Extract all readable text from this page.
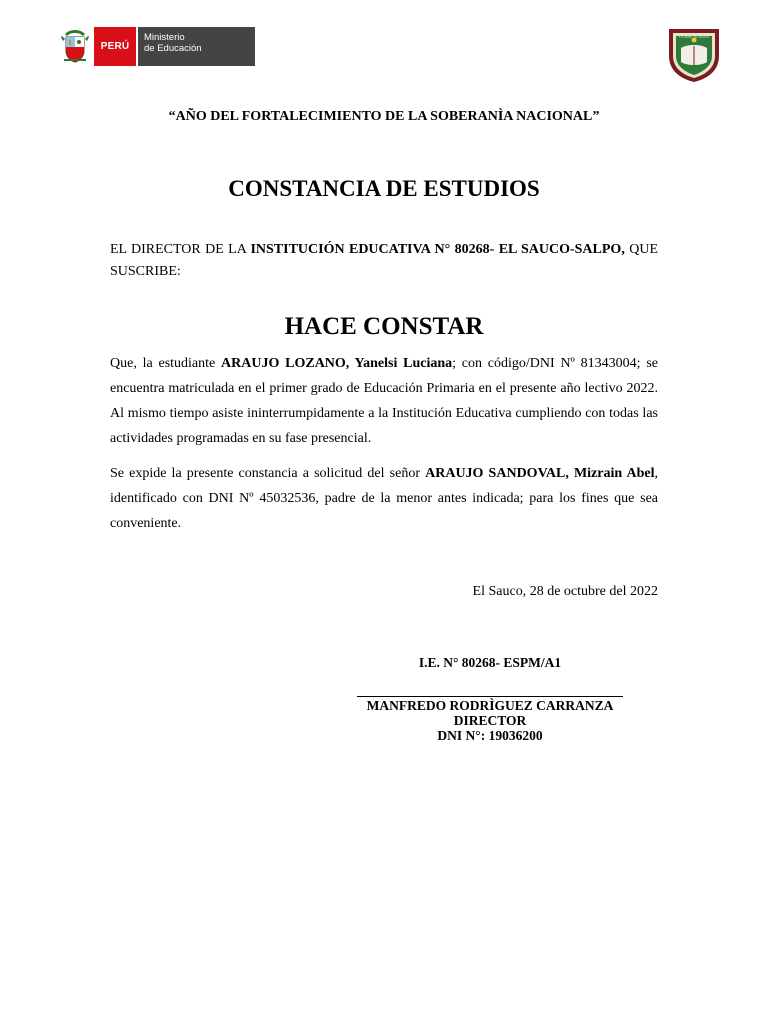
PERÚ
Ministerio
de Educación
I.E. 80268 · EL SAUCO
“AÑO DEL FORTALECIMIENTO DE LA SOBERANÌA NACIONAL”
CONSTANCIA DE ESTUDIOS
EL DIRECTOR DE LA INSTITUCIÓN EDUCATIVA N° 80268- EL SAUCO-SALPO, QUE SUSCRIBE:
HACE CONSTAR
Que, la estudiante ARAUJO LOZANO, Yanelsi Luciana; con código/DNI Nº 81343004; se encuentra matriculada en el primer grado de Educación Primaria en el presente año lectivo 2022. Al mismo tiempo asiste ininterrumpidamente a la Institución Educativa cumpliendo con todas las actividades programadas en su fase presencial.
Se expide la presente constancia a solicitud del señor ARAUJO SANDOVAL, Mizrain Abel, identificado con DNI Nº 45032536, padre de la menor antes indicada; para los fines que sea conveniente.
El Sauco, 28 de octubre del 2022
I.E. N° 80268- ESPM/A1
MANFREDO RODRÌGUEZ CARRANZA
DIRECTOR
DNI N°: 19036200
